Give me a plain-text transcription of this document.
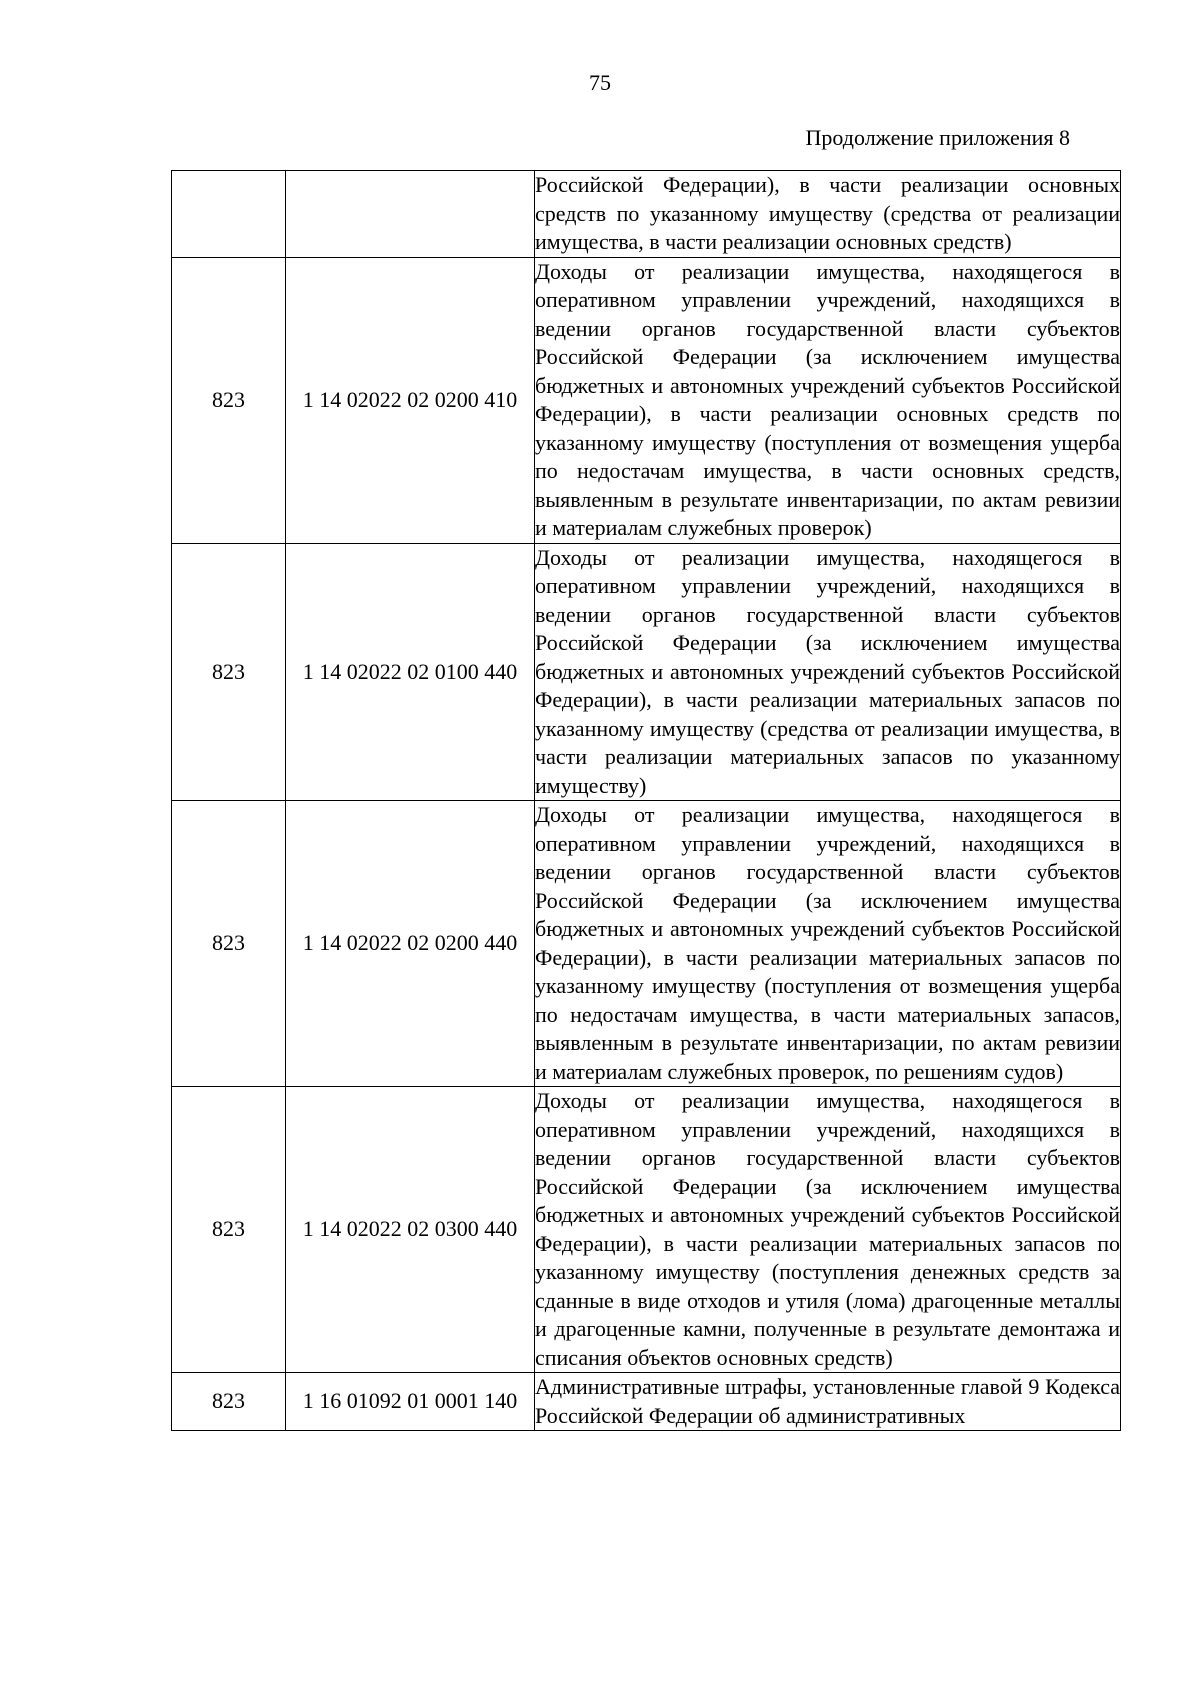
75
Продолжение приложения 8

		Российской Федерации), в части реализации основных средств по указанному имуществу (средства от реализации имущества, в части реализации основных средств)

823	1 14 02022 02 0200 410	Доходы от реализации имущества, находящегося в оперативном управлении учреждений, находящихся в ведении органов государственной власти субъектов Российской Федерации (за исключением имущества бюджетных и автономных учреждений субъектов Российской Федерации), в части реализации основных средств по указанному имуществу (поступления от возмещения ущерба по недостачам имущества, в части основных средств, выявленным в результате инвентаризации, по актам ревизии и материалам служебных проверок)

823	1 14 02022 02 0100 440	Доходы от реализации имущества, находящегося в оперативном управлении учреждений, находящихся в ведении органов государственной власти субъектов Российской Федерации (за исключением имущества бюджетных и автономных учреждений субъектов Российской Федерации), в части реализации материальных запасов по указанному имуществу (средства от реализации имущества, в части реализации материальных запасов по указанному имуществу)

823	1 14 02022 02 0200 440	Доходы от реализации имущества, находящегося в оперативном управлении учреждений, находящихся в ведении органов государственной власти субъектов Российской Федерации (за исключением имущества бюджетных и автономных учреждений субъектов Российской Федерации), в части реализации материальных запасов по указанному имуществу (поступления от возмещения ущерба по недостачам имущества, в части материальных запасов, выявленным в результате инвентаризации, по актам ревизии и материалам служебных проверок, по решениям судов)

823	1 14 02022 02 0300 440	Доходы от реализации имущества, находящегося в оперативном управлении учреждений, находящихся в ведении органов государственной власти субъектов Российской Федерации (за исключением имущества бюджетных и автономных учреждений субъектов Российской Федерации), в части реализации материальных запасов по указанному имуществу (поступления денежных средств за сданные в виде отходов и утиля (лома) драгоценные металлы и драгоценные камни, полученные в результате демонтажа и списания объектов основных средств)

823	1 16 01092 01 0001 140	Административные штрафы, установленные главой 9 Кодекса Российской Федерации об административных
